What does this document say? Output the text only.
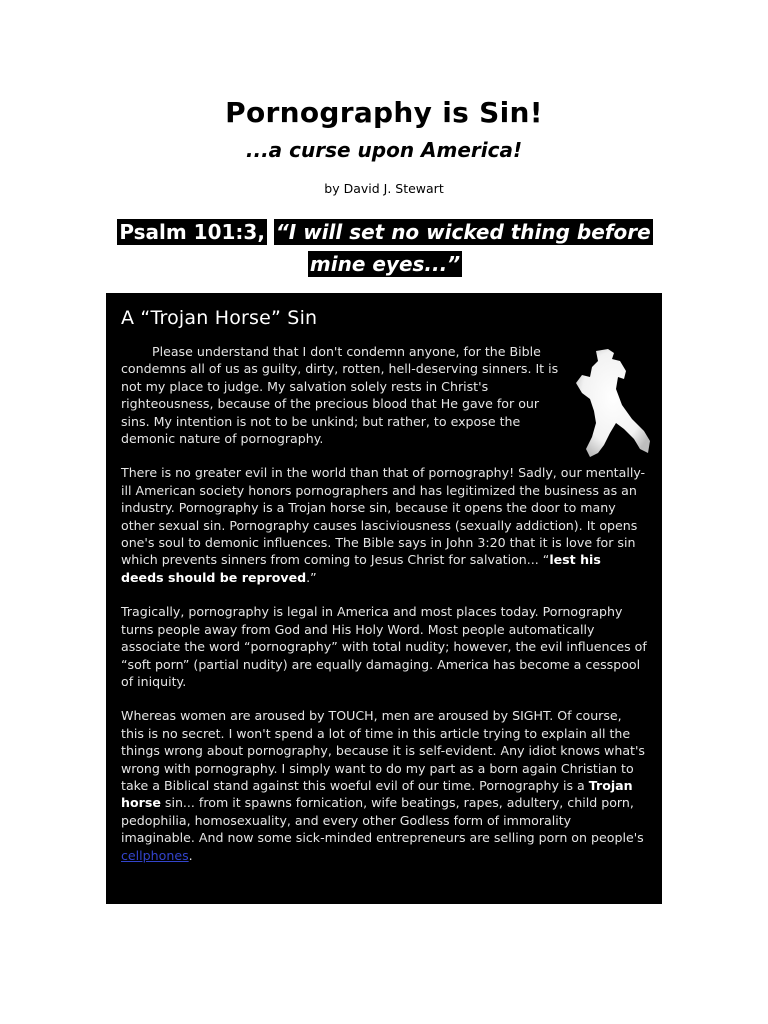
Pornography is Sin!
...a curse upon America!
by David J. Stewart
Psalm 101:3, “I will set no wicked thing before mine eyes...”
A “Trojan Horse” Sin

Please understand that I don't condemn anyone, for the Bible condemns all of us as guilty, dirty, rotten, hell-deserving sinners. It is not my place to judge. My salvation solely rests in Christ's righteousness, because of the precious blood that He gave for our sins. My intention is not to be unkind; but rather, to expose the demonic nature of pornography.

There is no greater evil in the world than that of pornography! Sadly, our mentally-ill American society honors pornographers and has legitimized the business as an industry. Pornography is a Trojan horse sin, because it opens the door to many other sexual sin. Pornography causes lasciviousness (sexually addiction). It opens one's soul to demonic influences. The Bible says in John 3:20 that it is love for sin which prevents sinners from coming to Jesus Christ for salvation... “lest his deeds should be reproved.”

Tragically, pornography is legal in America and most places today. Pornography turns people away from God and His Holy Word. Most people automatically associate the word “pornography” with total nudity; however, the evil influences of “soft porn” (partial nudity) are equally damaging. America has become a cesspool of iniquity.

Whereas women are aroused by TOUCH, men are aroused by SIGHT. Of course, this is no secret. I won't spend a lot of time in this article trying to explain all the things wrong about pornography, because it is self-evident. Any idiot knows what's wrong with pornography. I simply want to do my part as a born again Christian to take a Biblical stand against this woeful evil of our time. Pornography is a Trojan horse sin... from it spawns fornication, wife beatings, rapes, adultery, child porn, pedophilia, homosexuality, and every other Godless form of immorality imaginable. And now some sick-minded entrepreneurs are selling porn on people's cellphones.
